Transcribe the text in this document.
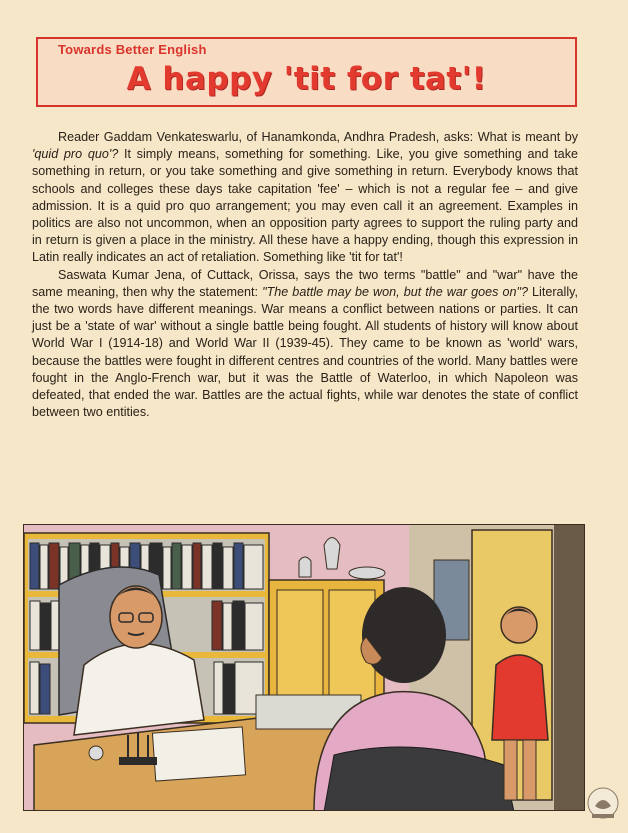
Towards Better English
A happy 'tit for tat'!

Reader Gaddam Venkateswarlu, of Hanamkonda, Andhra Pradesh, asks: What is meant by 'quid pro quo'? It simply means, something for something. Like, you give something and take something in return, or you take something and give something in return. Everybody knows that schools and colleges these days take capitation 'fee' – which is not a regular fee – and give admission. It is a quid pro quo arrangement; you may even call it an agreement. Examples in politics are also not uncommon, when an opposition party agrees to support the ruling party and in return is given a place in the ministry. All these have a happy ending, though this expression in Latin really indicates an act of retaliation. Something like 'tit for tat'!

Saswata Kumar Jena, of Cuttack, Orissa, says the two terms "battle" and "war" have the same meaning, then why the statement: "The battle may be won, but the war goes on"? Literally, the two words have different meanings. War means a conflict between nations or parties. It can just be a 'state of war' without a single battle being fought. All students of history will know about World War I (1914-18) and World War II (1939-45). They came to be known as 'world' wars, because the battles were fought in different centres and countries of the world. Many battles were fought in the Anglo-French war, but it was the Battle of Waterloo, in which Napoleon was defeated, that ended the war. Battles are the actual fights, while war denotes the state of conflict between two entities.
